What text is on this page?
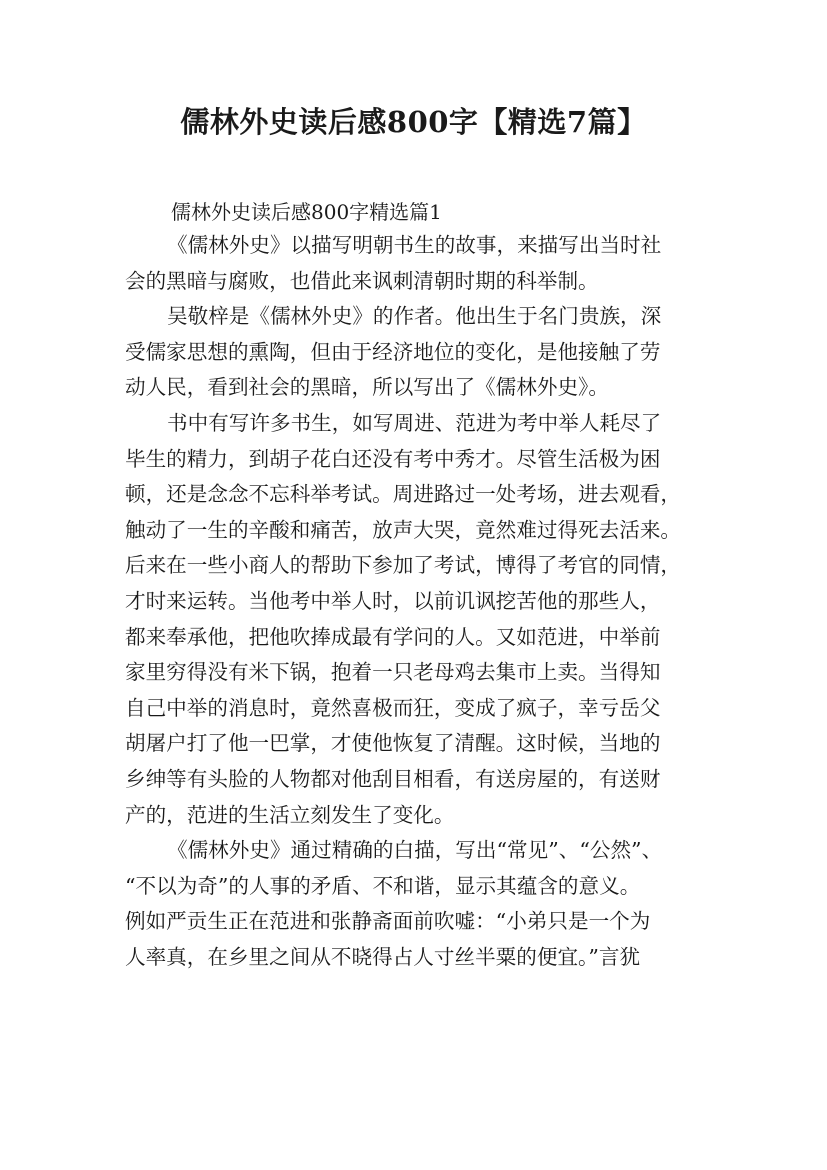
儒林外史读后感800字【精选7篇】
儒林外史读后感800字精选篇1
《儒林外史》以描写明朝书生的故事，来描写出当时社
会的黑暗与腐败，也借此来讽刺清朝时期的科举制。
吴敬梓是《儒林外史》的作者。他出生于名门贵族，深
受儒家思想的熏陶，但由于经济地位的变化，是他接触了劳
动人民，看到社会的黑暗，所以写出了《儒林外史》。
书中有写许多书生，如写周进、范进为考中举人耗尽了
毕生的精力，到胡子花白还没有考中秀才。尽管生活极为困
顿，还是念念不忘科举考试。周进路过一处考场，进去观看，
触动了一生的辛酸和痛苦，放声大哭，竟然难过得死去活来。
后来在一些小商人的帮助下参加了考试，博得了考官的同情，
才时来运转。当他考中举人时，以前讥讽挖苦他的那些人，
都来奉承他，把他吹捧成最有学问的人。又如范进，中举前
家里穷得没有米下锅，抱着一只老母鸡去集市上卖。当得知
自己中举的消息时，竟然喜极而狂，变成了疯子，幸亏岳父
胡屠户打了他一巴掌，才使他恢复了清醒。这时候，当地的
乡绅等有头脸的人物都对他刮目相看，有送房屋的，有送财
产的，范进的生活立刻发生了变化。
《儒林外史》通过精确的白描，写出“常见”、“公然”、
“不以为奇”的人事的矛盾、不和谐，显示其蕴含的意义。
例如严贡生正在范进和张静斋面前吹嘘：“小弟只是一个为
人率真，在乡里之间从不晓得占人寸丝半粟的便宜。”言犹
